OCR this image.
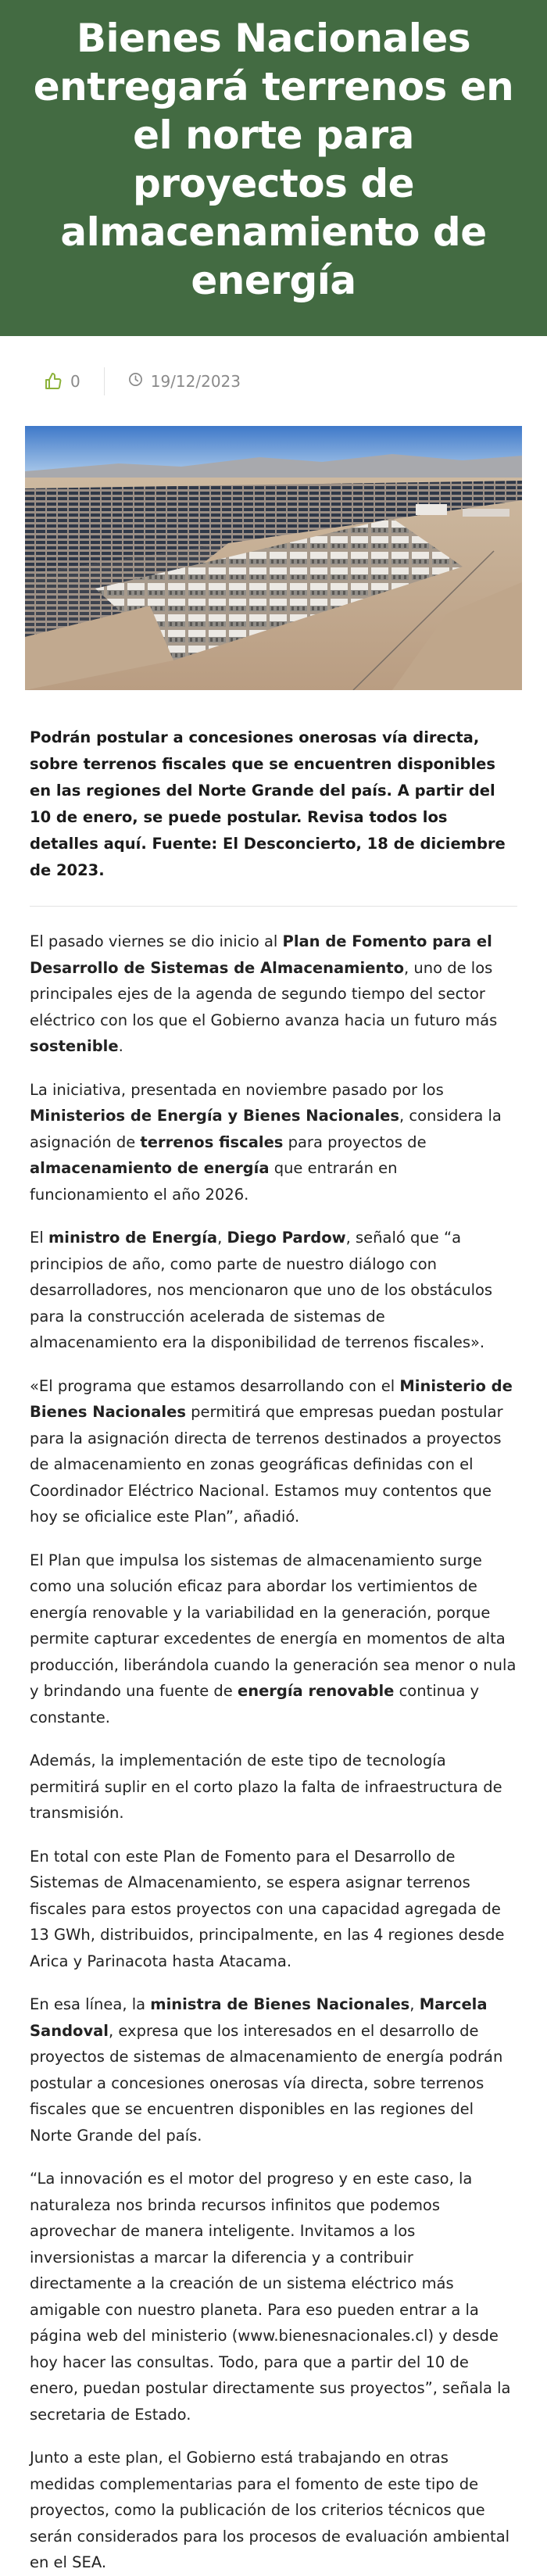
Bienes Nacionales entregará terrenos en el norte para proyectos de almacenamiento de energía
0	19/12/2023

Podrán postular a concesiones onerosas vía directa, sobre terrenos fiscales que se encuentren disponibles en las regiones del Norte Grande del país. A partir del 10 de enero, se puede postular. Revisa todos los detalles aquí. Fuente: El Desconcierto, 18 de diciembre de 2023.

El pasado viernes se dio inicio al Plan de Fomento para el Desarrollo de Sistemas de Almacenamiento, uno de los principales ejes de la agenda de segundo tiempo del sector eléctrico con los que el Gobierno avanza hacia un futuro más sostenible.

La iniciativa, presentada en noviembre pasado por los Ministerios de Energía y Bienes Nacionales, considera la asignación de terrenos fiscales para proyectos de almacenamiento de energía que entrarán en funcionamiento el año 2026.

El ministro de Energía, Diego Pardow, señaló que “a principios de año, como parte de nuestro diálogo con desarrolladores, nos mencionaron que uno de los obstáculos para la construcción acelerada de sistemas de almacenamiento era la disponibilidad de terrenos fiscales».

«El programa que estamos desarrollando con el Ministerio de Bienes Nacionales permitirá que empresas puedan postular para la asignación directa de terrenos destinados a proyectos de almacenamiento en zonas geográficas definidas con el Coordinador Eléctrico Nacional. Estamos muy contentos que hoy se oficialice este Plan”, añadió.

El Plan que impulsa los sistemas de almacenamiento surge como una solución eficaz para abordar los vertimientos de energía renovable y la variabilidad en la generación, porque permite capturar excedentes de energía en momentos de alta producción, liberándola cuando la generación sea menor o nula y brindando una fuente de energía renovable continua y constante.

Además, la implementación de este tipo de tecnología permitirá suplir en el corto plazo la falta de infraestructura de transmisión.

En total con este Plan de Fomento para el Desarrollo de Sistemas de Almacenamiento, se espera asignar terrenos fiscales para estos proyectos con una capacidad agregada de 13 GWh, distribuidos, principalmente, en las 4 regiones desde Arica y Parinacota hasta Atacama.

En esa línea, la ministra de Bienes Nacionales, Marcela Sandoval, expresa que los interesados en el desarrollo de proyectos de sistemas de almacenamiento de energía podrán postular a concesiones onerosas vía directa, sobre terrenos fiscales que se encuentren disponibles en las regiones del Norte Grande del país.

“La innovación es el motor del progreso y en este caso, la naturaleza nos brinda recursos infinitos que podemos aprovechar de manera inteligente. Invitamos a los inversionistas a marcar la diferencia y a contribuir directamente a la creación de un sistema eléctrico más amigable con nuestro planeta. Para eso pueden entrar a la página web del ministerio (www.bienesnacionales.cl) y desde hoy hacer las consultas. Todo, para que a partir del 10 de enero, puedan postular directamente sus proyectos”, señala la secretaria de Estado.

Junto a este plan, el Gobierno está trabajando en otras medidas complementarias para el fomento de este tipo de proyectos, como la publicación de los criterios técnicos que serán considerados para los procesos de evaluación ambiental en el SEA.
